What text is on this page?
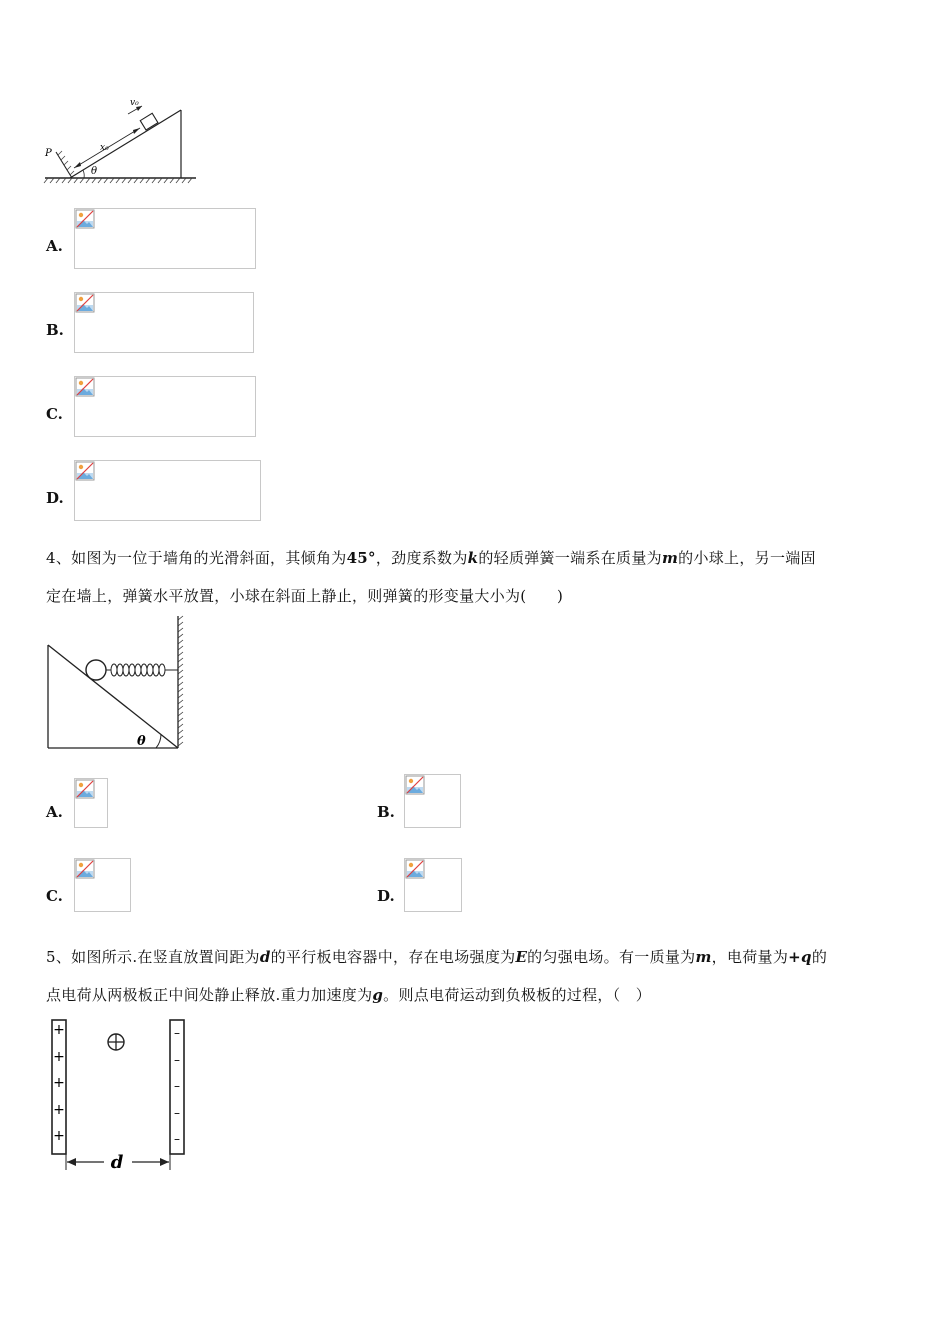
v₀
x₀
θ
P
A.
B.
C.
D.
4、如图为一位于墙角的光滑斜面，其倾角为45°，劲度系数为k的轻质弹簧一端系在质量为m的小球上，另一端固
定在墙上，弹簧水平放置，小球在斜面上静止，则弹簧的形变量大小为(　　)
θ
A.	B.
C.	D.
5、如图所示.在竖直放置间距为d的平行板电容器中，存在电场强度为E的匀强电场。有一质量为m，电荷量为+q的
点电荷从两极板正中间处静止释放.重力加速度为g。则点电荷运动到负极板的过程，（　）
+
+
+
+
+
–
–
–
–
–
d
